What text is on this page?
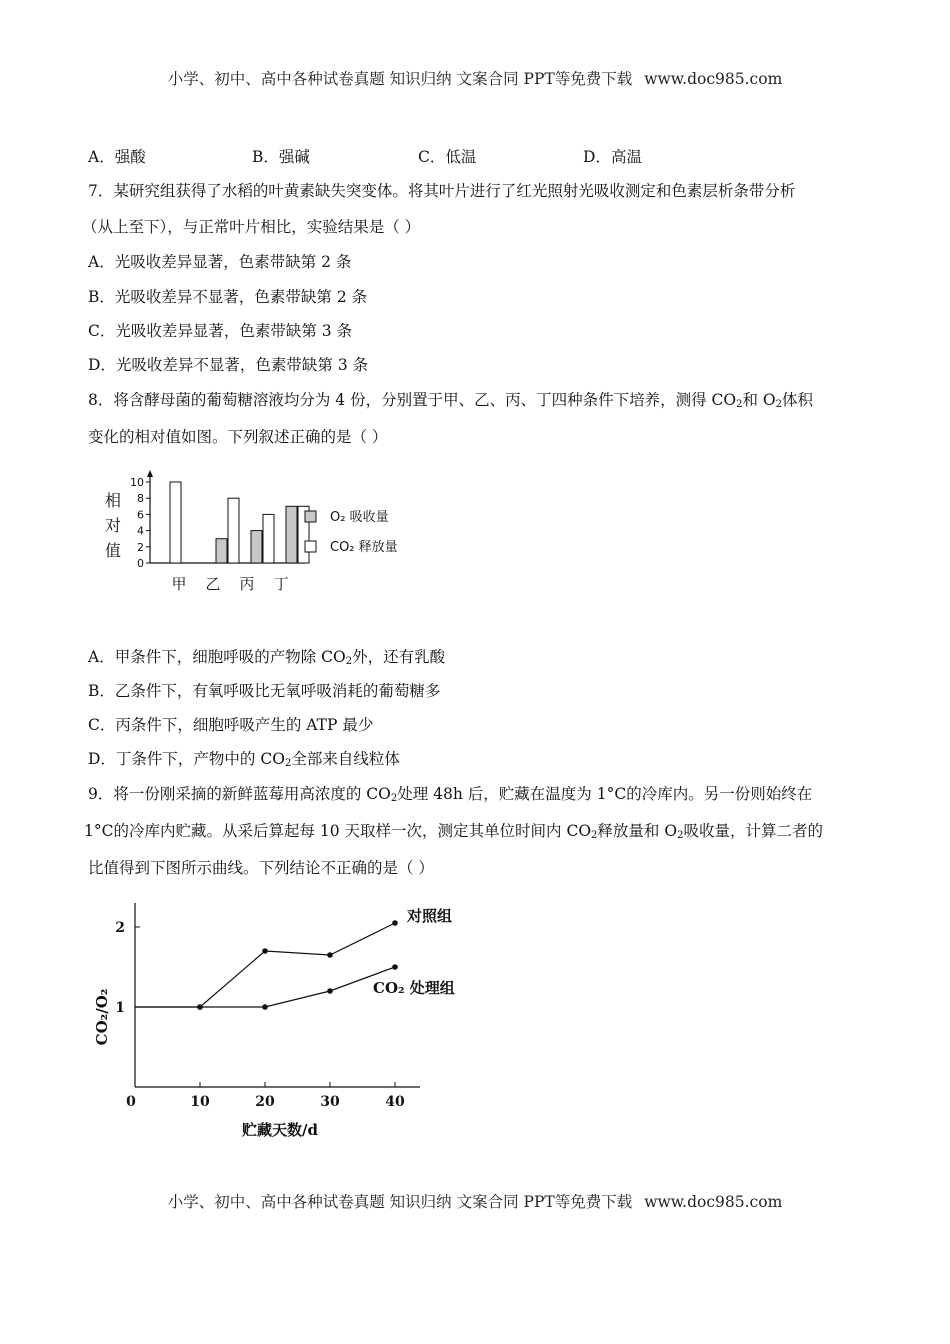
小学、初中、高中各种试卷真题 知识归纳 文案合同 PPT等免费下载 www.doc985.com
A．强酸	B．强碱	C．低温	D．高温
7．某研究组获得了水稻的叶黄素缺失突变体。将其叶片进行了红光照射光吸收测定和色素层析条带分析
（从上至下），与正常叶片相比，实验结果是（ ）
A．光吸收差异显著，色素带缺第 2 条
B．光吸收差异不显著，色素带缺第 2 条
C．光吸收差异显著，色素带缺第 3 条
D．光吸收差异不显著，色素带缺第 3 条
8．将含酵母菌的葡萄糖溶液均分为 4 份，分别置于甲、乙、丙、丁四种条件下培养，测得 $CO_2$和 $O_2$体积
变化的相对值如图。下列叙述正确的是（ ）
相
对
值
0
2
4
6
8
10
甲 乙 丙 丁
O₂ 吸收量
CO₂ 释放量
A．甲条件下，细胞呼吸的产物除 $CO_2$外，还有乳酸
B．乙条件下，有氧呼吸比无氧呼吸消耗的葡萄糖多
C．丙条件下，细胞呼吸产生的 ATP 最少
D．丁条件下，产物中的 $CO_2$全部来自线粒体
9．将一份刚采摘的新鲜蓝莓用高浓度的 $CO_2$处理 48h 后，贮藏在温度为 1°C的冷库内。另一份则始终在
1°C的冷库内贮藏。从采后算起每 10 天取样一次，测定其单位时间内 $CO_2$释放量和 $O_2$吸收量，计算二者的
比值得到下图所示曲线。下列结论不正确的是（ ）
0	10	20	30	40
1
2
贮藏天数/d
CO₂/O₂
对照组
CO₂ 处理组
小学、初中、高中各种试卷真题 知识归纳 文案合同 PPT等免费下载 www.doc985.com
